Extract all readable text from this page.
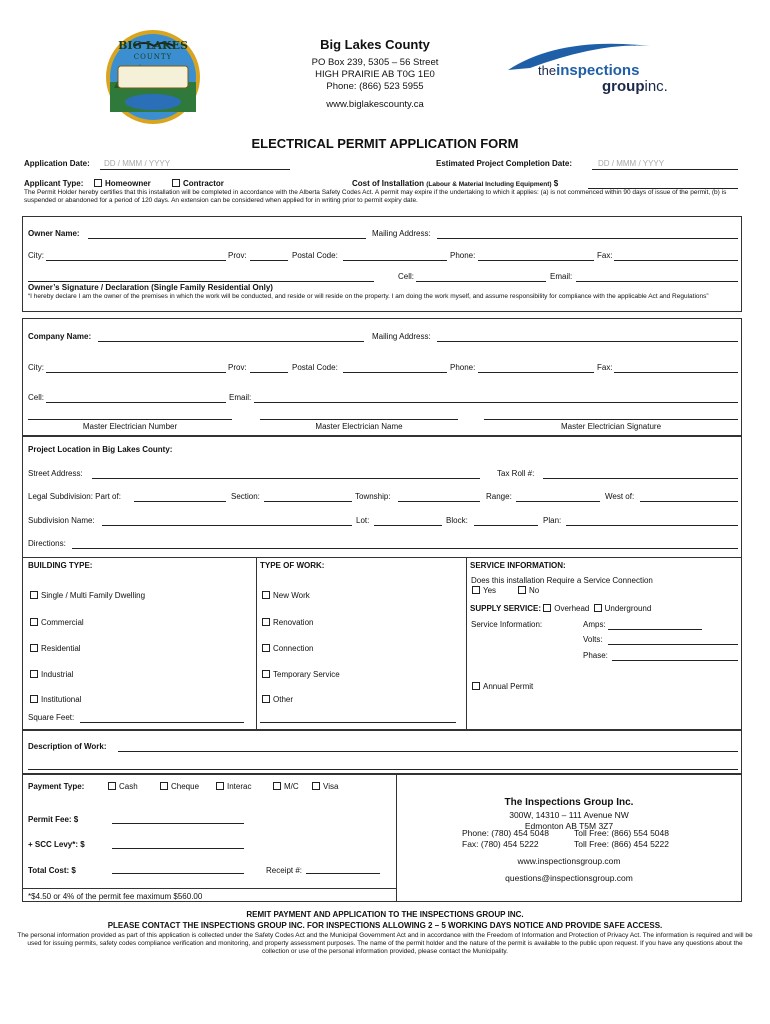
BIG LAKES
COUNTY
Big Lakes County
PO Box 239, 5305 – 56 Street
HIGH PRAIRIE AB T0G 1E0
Phone: (866) 523 5955
www.biglakescounty.ca
theinspections
groupinc.
ELECTRICAL PERMIT APPLICATION FORM
Application Date: DD / MMM / YYYY	Estimated Project Completion Date:	DD / MMM / YYYY
Applicant Type:	Homeowner	Contractor	Cost of Installation (Labour & Material Including Equipment) $
The Permit Holder hereby certifies that this installation will be completed in accordance with the Alberta Safety Codes Act. A permit may expire if the undertaking to which it applies: (a) is not commenced within 90 days of issue of the permit, (b) is suspended or abandoned for a period of 120 days. An extension can be considered when applied for in writing prior to permit expiry date.
Owner Name:	Mailing Address:
City:	Prov:	Postal Code:	Phone:	Fax:
Cell:	Email:
Owner’s Signature / Declaration (Single Family Residential Only)
“I hereby declare I am the owner of the premises in which the work will be conducted, and reside or will reside on the property. I am doing the work myself, and assume responsibility for compliance with the applicable Act and Regulations”
Company Name:	Mailing Address:
City:	Prov:	Postal Code:	Phone:	Fax:
Cell:	Email:
Master Electrician Number	Master Electrician Name	Master Electrician Signature
Project Location in Big Lakes County:
Street Address:	Tax Roll #:
Legal Subdivision: Part of:	Section:	Township:	Range:	West of:
Subdivision Name:	Lot:	Block:	Plan:
Directions:
BUILDING TYPE:
Single / Multi Family Dwelling
Commercial
Residential
Industrial
Institutional
Square Feet:
TYPE OF WORK:
New Work
Renovation
Connection
Temporary Service
Other
SERVICE INFORMATION:
Does this installation Require a Service Connection
Yes	No
SUPPLY SERVICE: Overhead Underground
Service Information:	Amps:
Volts:
Phase:
Annual Permit
Description of Work:
Payment Type:	Cash	Cheque	Interac	M/C	Visa
Permit Fee: $
+ SCC Levy*: $
Total Cost: $	Receipt #:
*$4.50 or 4% of the permit fee maximum $560.00
The Inspections Group Inc.
300W, 14310 – 111 Avenue NW
Edmonton AB T5M 3Z7
Phone: (780) 454 5048	Toll Free: (866) 554 5048
Fax: (780) 454 5222	Toll Free: (866) 454 5222
www.inspectionsgroup.com
questions@inspectionsgroup.com
REMIT PAYMENT AND APPLICATION TO THE INSPECTIONS GROUP INC.
PLEASE CONTACT THE INSPECTIONS GROUP INC. FOR INSPECTIONS ALLOWING 2 – 5 WORKING DAYS NOTICE AND PROVIDE SAFE ACCESS.
The personal information provided as part of this application is collected under the Safety Codes Act and the Municipal Government Act and in accordance with the Freedom of Information and Protection of Privacy Act. The information is required and will be used for issuing permits, safety codes compliance verification and monitoring, and property assessment purposes. The name of the permit holder and the nature of the permit is available to the public upon request. If you have any questions about the collection or use of the personal information provided, please contact the Municipality.
